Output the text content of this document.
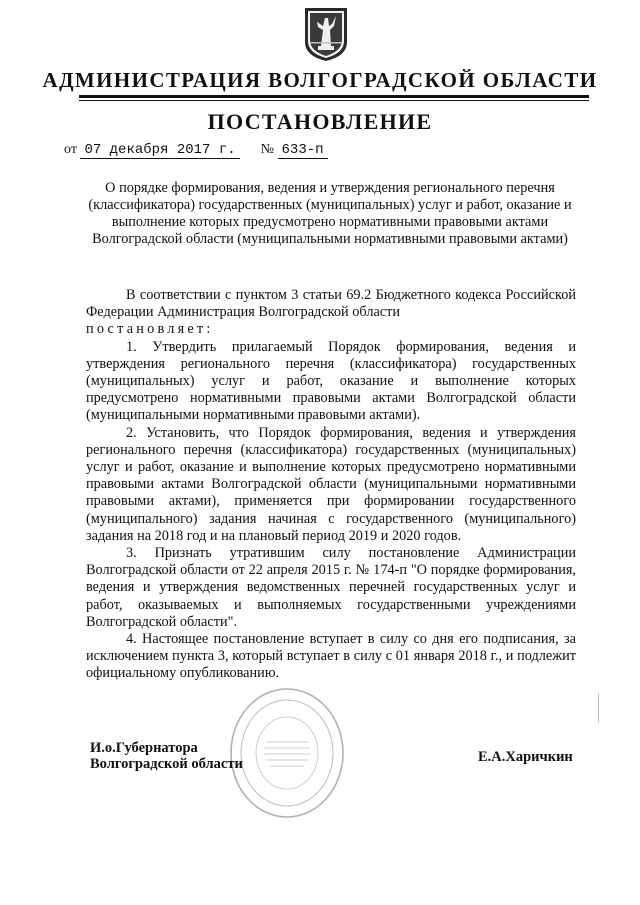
АДМИНИСТРАЦИЯ ВОЛГОГРАДСКОЙ ОБЛАСТИ
ПОСТАНОВЛЕНИЕ
от 07 декабря 2017 г. № 633-п
О порядке формирования, ведения и утверждения регионального перечня (классификатора) государственных (муниципальных) услуг и работ, оказание и выполнение которых предусмотрено нормативными правовыми актами Волгоградской области (муниципальными нормативными правовыми актами)

В соответствии с пунктом 3 статьи 69.2 Бюджетного кодекса Российской Федерации Администрация Волгоградской области

постановляет:

1. Утвердить прилагаемый Порядок формирования, ведения и утверждения регионального перечня (классификатора) государственных (муниципальных) услуг и работ, оказание и выполнение которых предусмотрено нормативными правовыми актами Волгоградской области (муниципальными нормативными правовыми актами).

2. Установить, что Порядок формирования, ведения и утверждения регионального перечня (классификатора) государственных (муниципальных) услуг и работ, оказание и выполнение которых предусмотрено нормативными правовыми актами Волгоградской области (муниципальными нормативными правовыми актами), применяется при формировании государственного (муниципального) задания начиная с государственного (муниципального) задания на 2018 год и на плановый период 2019 и 2020 годов.

3. Признать утратившим силу постановление Администрации Волгоградской области от 22 апреля 2015 г. № 174-п "О порядке формирования, ведения и утверждения ведомственных перечней государственных услуг и работ, оказываемых и выполняемых государственными учреждениями Волгоградской области".

4. Настоящее постановление вступает в силу со дня его подписания, за исключением пункта 3, который вступает в силу с 01 января 2018 г., и подлежит официальному опубликованию.

И.о.Губернатора
Волгоградской области	Е.А.Харичкин
